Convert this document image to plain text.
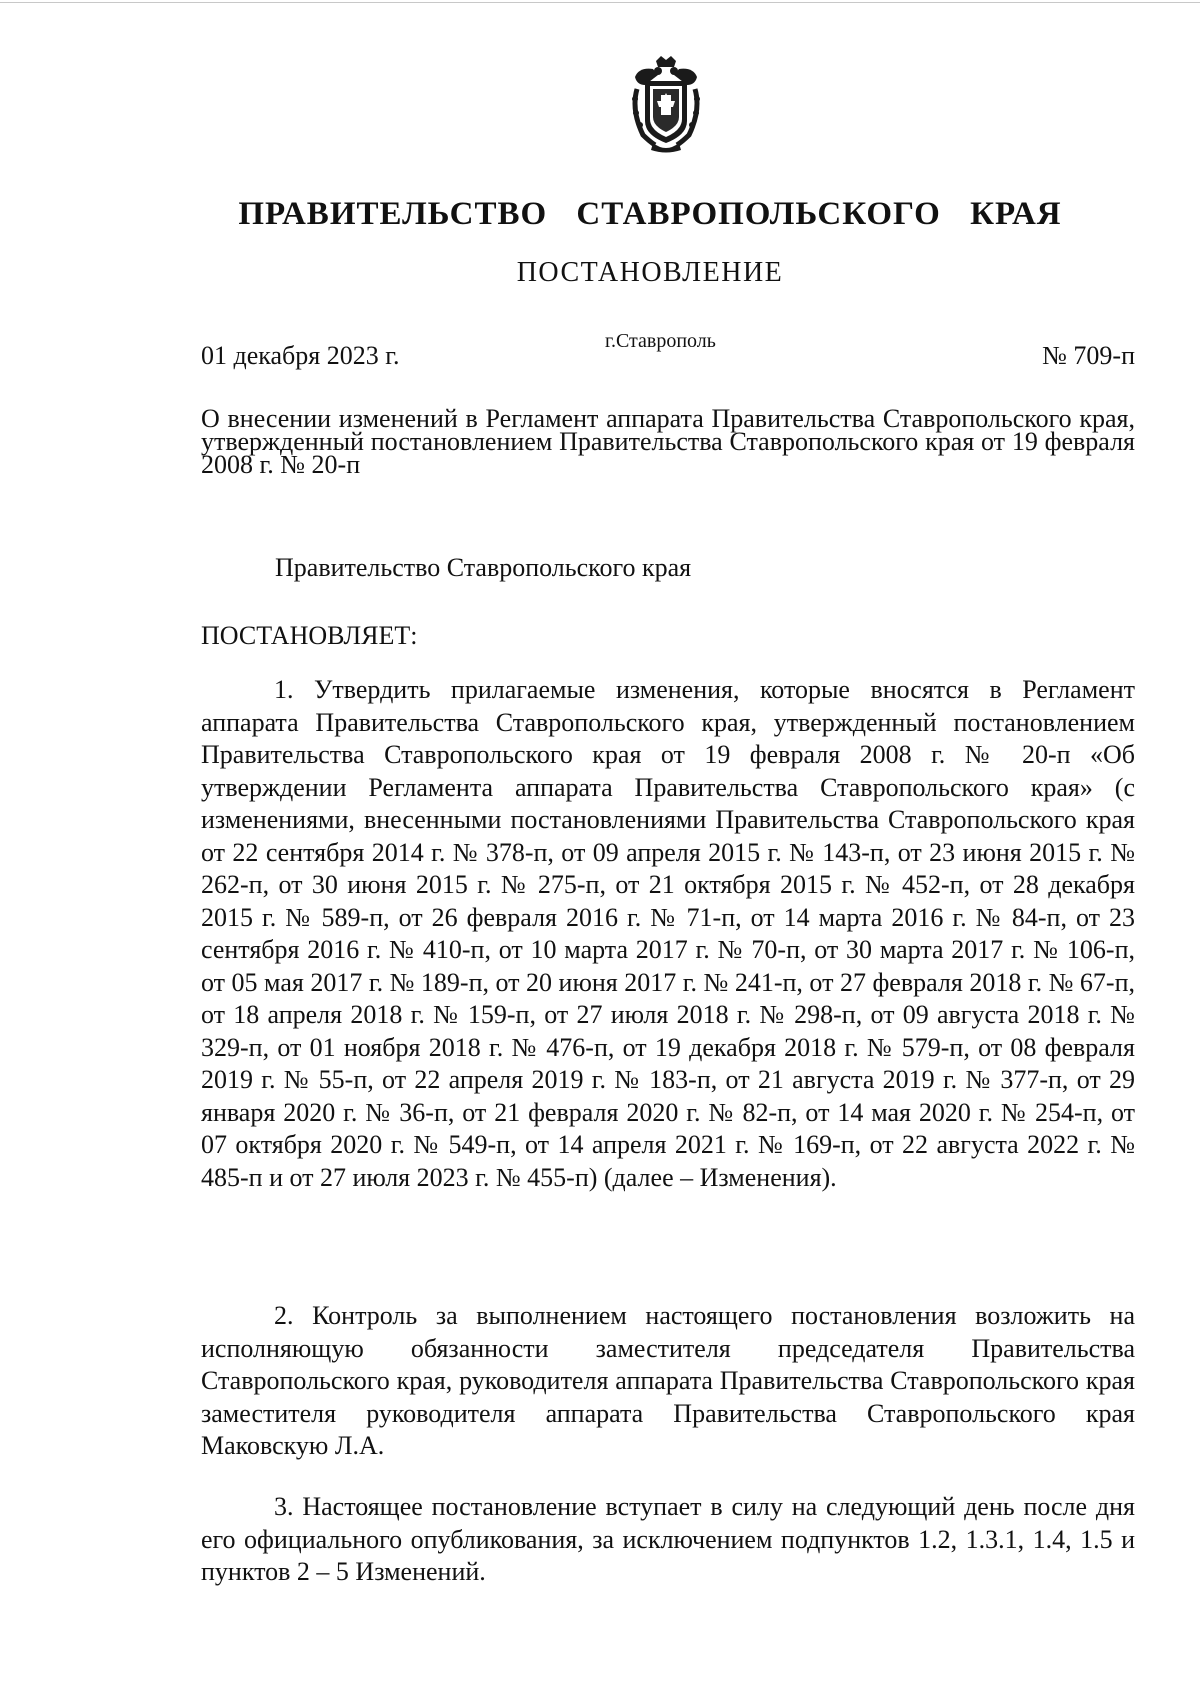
ПРАВИТЕЛЬСТВО СТАВРОПОЛЬСКОГО КРАЯ
ПОСТАНОВЛЕНИЕ
01 декабря 2023 г.	г.Ставрополь	№ 709-п
О внесении изменений в Регламент аппарата Правительства Ставропольского края, утвержденный постановлением Правительства Ставропольского края от 19 февраля 2008 г. № 20-п
Правительство Ставропольского края
ПОСТАНОВЛЯЕТ:

1. Утвердить прилагаемые изменения, которые вносятся в Регламент аппарата Правительства Ставропольского края, утвержденный постановлением Правительства Ставропольского края от 19 февраля 2008 г. № 20-п «Об утверждении Регламента аппарата Правительства Ставропольского края» (с изменениями, внесенными постановлениями Правительства Ставропольского края от 22 сентября 2014 г. № 378-п, от 09 апреля 2015 г. № 143-п, от 23 июня 2015 г. № 262-п, от 30 июня 2015 г. № 275-п, от 21 октября 2015 г. № 452-п, от 28 декабря 2015 г. № 589-п, от 26 февраля 2016 г. № 71-п, от 14 марта 2016 г. № 84-п, от 23 сентября 2016 г. № 410-п, от 10 марта 2017 г. № 70-п, от 30 марта 2017 г. № 106-п, от 05 мая 2017 г. № 189-п, от 20 июня 2017 г. № 241-п, от 27 февраля 2018 г. № 67-п, от 18 апреля 2018 г. № 159-п, от 27 июля 2018 г. № 298-п, от 09 августа 2018 г. № 329-п, от 01 ноября 2018 г. № 476-п, от 19 декабря 2018 г. № 579-п, от 08 февраля 2019 г. № 55-п, от 22 апреля 2019 г. № 183-п, от 21 августа 2019 г. № 377-п, от 29 января 2020 г. № 36-п, от 21 февраля 2020 г. № 82-п, от 14 мая 2020 г. № 254-п, от 07 октября 2020 г. № 549-п, от 14 апреля 2021 г. № 169-п, от 22 августа 2022 г. № 485-п и от 27 июля 2023 г. № 455-п) (далее – Изменения).

2. Контроль за выполнением настоящего постановления возложить на исполняющую обязанности заместителя председателя Правительства Ставропольского края, руководителя аппарата Правительства Ставропольского края заместителя руководителя аппарата Правительства Ставропольского края Маковскую Л.А.

3. Настоящее постановление вступает в силу на следующий день после дня его официального опубликования, за исключением подпунктов 1.2, 1.3.1, 1.4, 1.5 и пунктов 2 – 5 Изменений.
